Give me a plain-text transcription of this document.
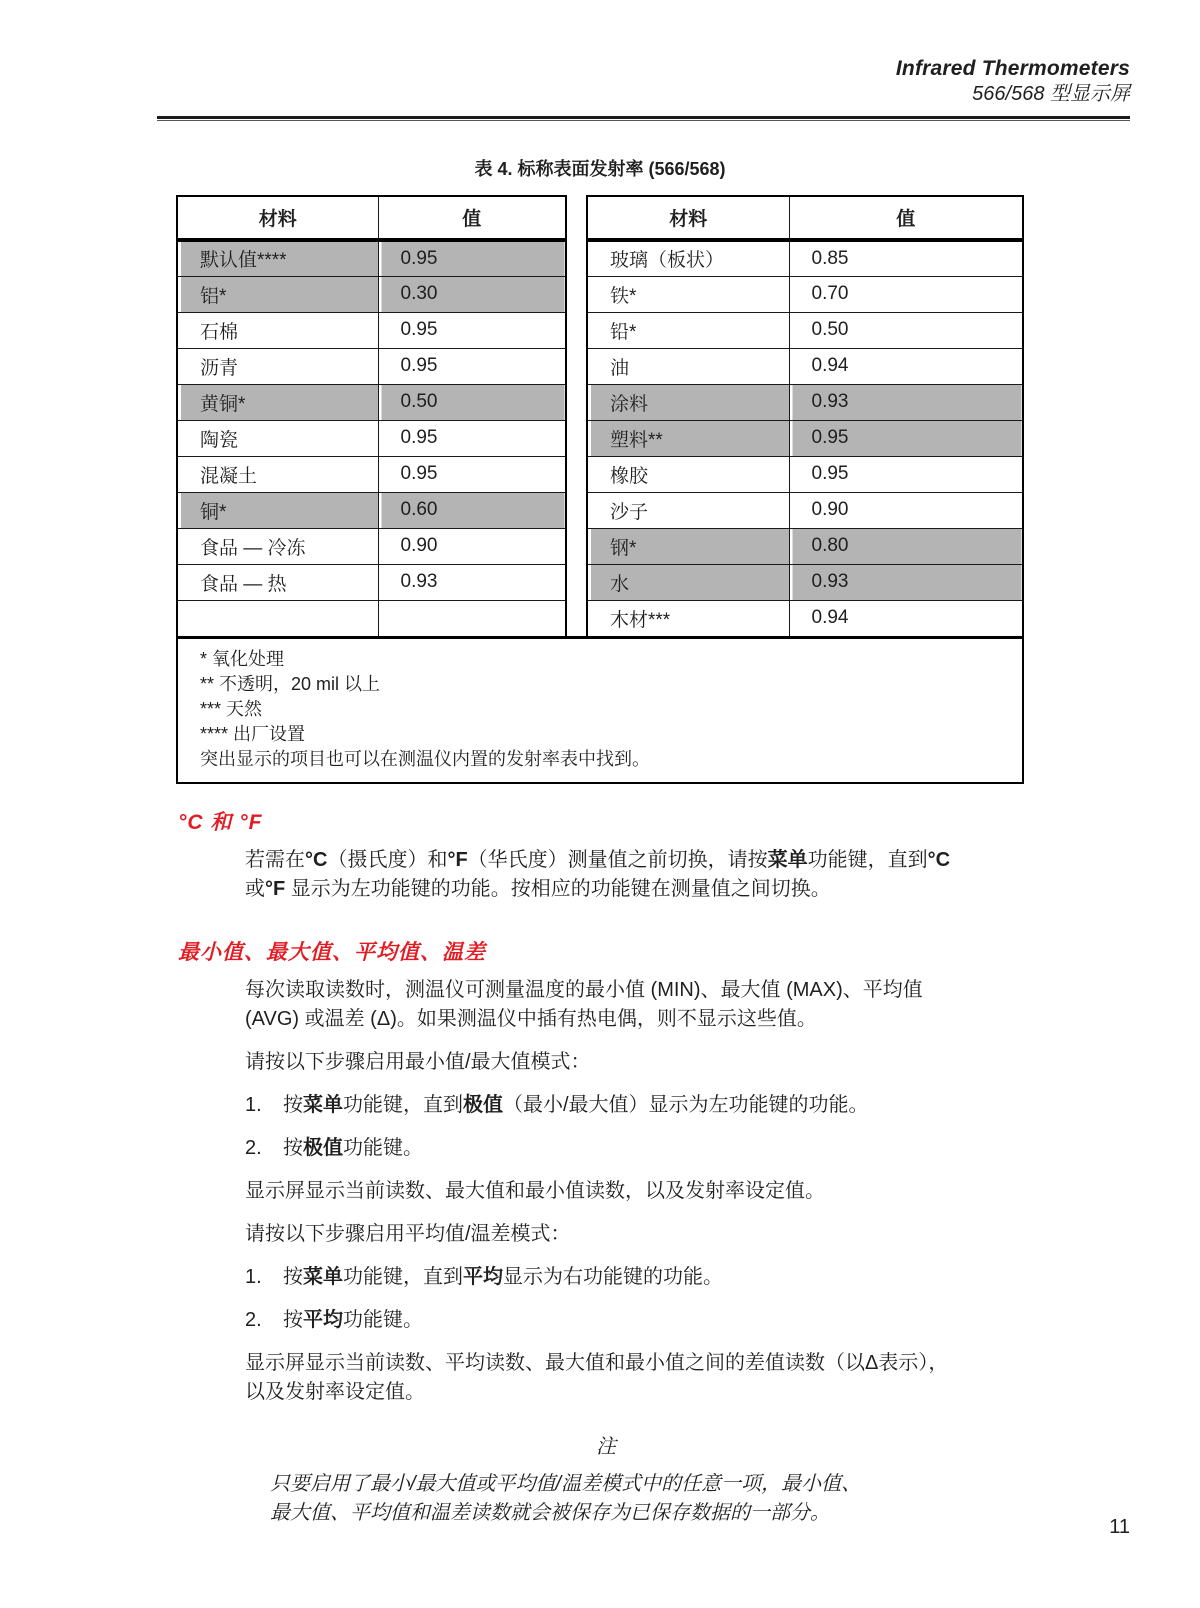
Infrared Thermometers
566/568 型显示屏
表 4. 标称表面发射率 (566/568)
材料	值
默认值****	0.95
铝*	0.30
石棉	0.95
沥青	0.95
黄铜*	0.50
陶瓷	0.95
混凝土	0.95
铜*	0.60
食品 — 冷冻	0.90
食品 — 热	0.93

材料	值
玻璃（板状）	0.85
铁*	0.70
铅*	0.50
油	0.94
涂料	0.93
塑料**	0.95
橡胶	0.95
沙子	0.90
钢*	0.80
水	0.93
木材***	0.94
* 氧化处理
** 不透明，20 mil 以上
*** 天然
**** 出厂设置
突出显示的项目也可以在测温仪内置的发射率表中找到。
°C 和 °F

若需在°C（摄氏度）和°F（华氏度）测量值之前切换，请按菜单功能键，直到°C
或°F 显示为左功能键的功能。按相应的功能键在测量值之间切换。

最小值、最大值、平均值、温差

每次读取读数时，测温仪可测量温度的最小值 (MIN)、最大值 (MAX)、平均值
(AVG) 或温差 (Δ)。如果测温仪中插有热电偶，则不显示这些值。

请按以下步骤启用最小值/最大值模式：

1.	按菜单功能键，直到极值（最小/最大值）显示为左功能键的功能。
2.	按极值功能键。

显示屏显示当前读数、最大值和最小值读数，以及发射率设定值。

请按以下步骤启用平均值/温差模式：

1.	按菜单功能键，直到平均显示为右功能键的功能。
2.	按平均功能键。

显示屏显示当前读数、平均读数、最大值和最小值之间的差值读数（以Δ表示），
以及发射率设定值。

注
只要启用了最小/最大值或平均值/温差模式中的任意一项，最小值、
最大值、平均值和温差读数就会被保存为已保存数据的一部分。
11
